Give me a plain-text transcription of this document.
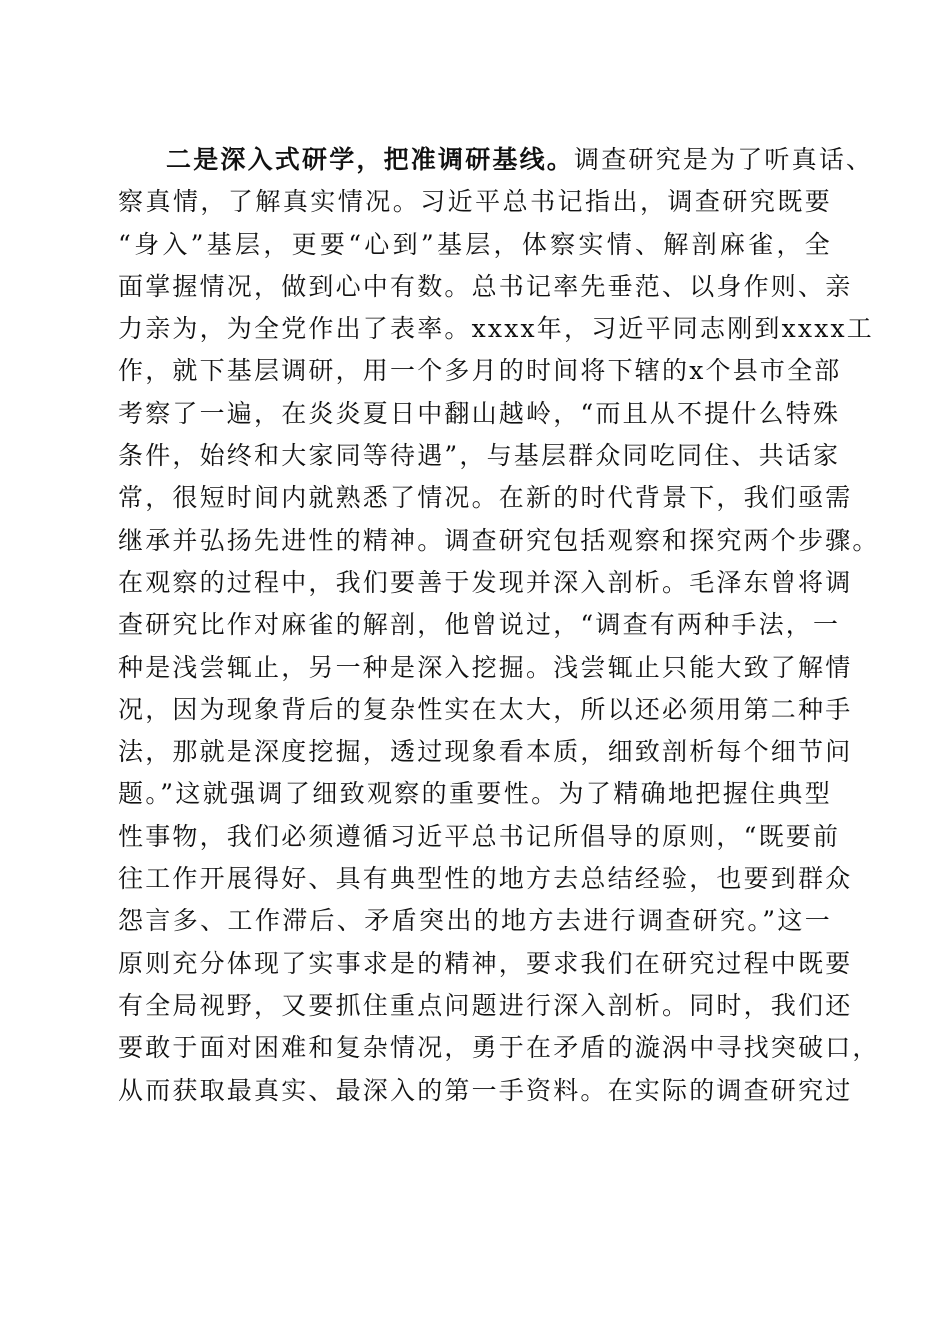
二是深入式研学，把准调研基线。调查研究是为了听真话、
察真情，了解真实情况。习近平总书记指出，调查研究既要
“身入”基层，更要“心到”基层，体察实情、解剖麻雀，全
面掌握情况，做到心中有数。总书记率先垂范、以身作则、亲
力亲为，为全党作出了表率。xxxx年，习近平同志刚到xxxx工
作，就下基层调研，用一个多月的时间将下辖的x个县市全部
考察了一遍，在炎炎夏日中翻山越岭，“而且从不提什么特殊
条件，始终和大家同等待遇”，与基层群众同吃同住、共话家
常，很短时间内就熟悉了情况。在新的时代背景下，我们亟需
继承并弘扬先进性的精神。调查研究包括观察和探究两个步骤。
在观察的过程中，我们要善于发现并深入剖析。毛泽东曾将调
查研究比作对麻雀的解剖，他曾说过，“调查有两种手法，一
种是浅尝辄止，另一种是深入挖掘。浅尝辄止只能大致了解情
况，因为现象背后的复杂性实在太大，所以还必须用第二种手
法，那就是深度挖掘，透过现象看本质，细致剖析每个细节问
题。”这就强调了细致观察的重要性。为了精确地把握住典型
性事物，我们必须遵循习近平总书记所倡导的原则，“既要前
往工作开展得好、具有典型性的地方去总结经验，也要到群众
怨言多、工作滞后、矛盾突出的地方去进行调查研究。”这一
原则充分体现了实事求是的精神，要求我们在研究过程中既要
有全局视野，又要抓住重点问题进行深入剖析。同时，我们还
要敢于面对困难和复杂情况，勇于在矛盾的漩涡中寻找突破口，
从而获取最真实、最深入的第一手资料。在实际的调查研究过
